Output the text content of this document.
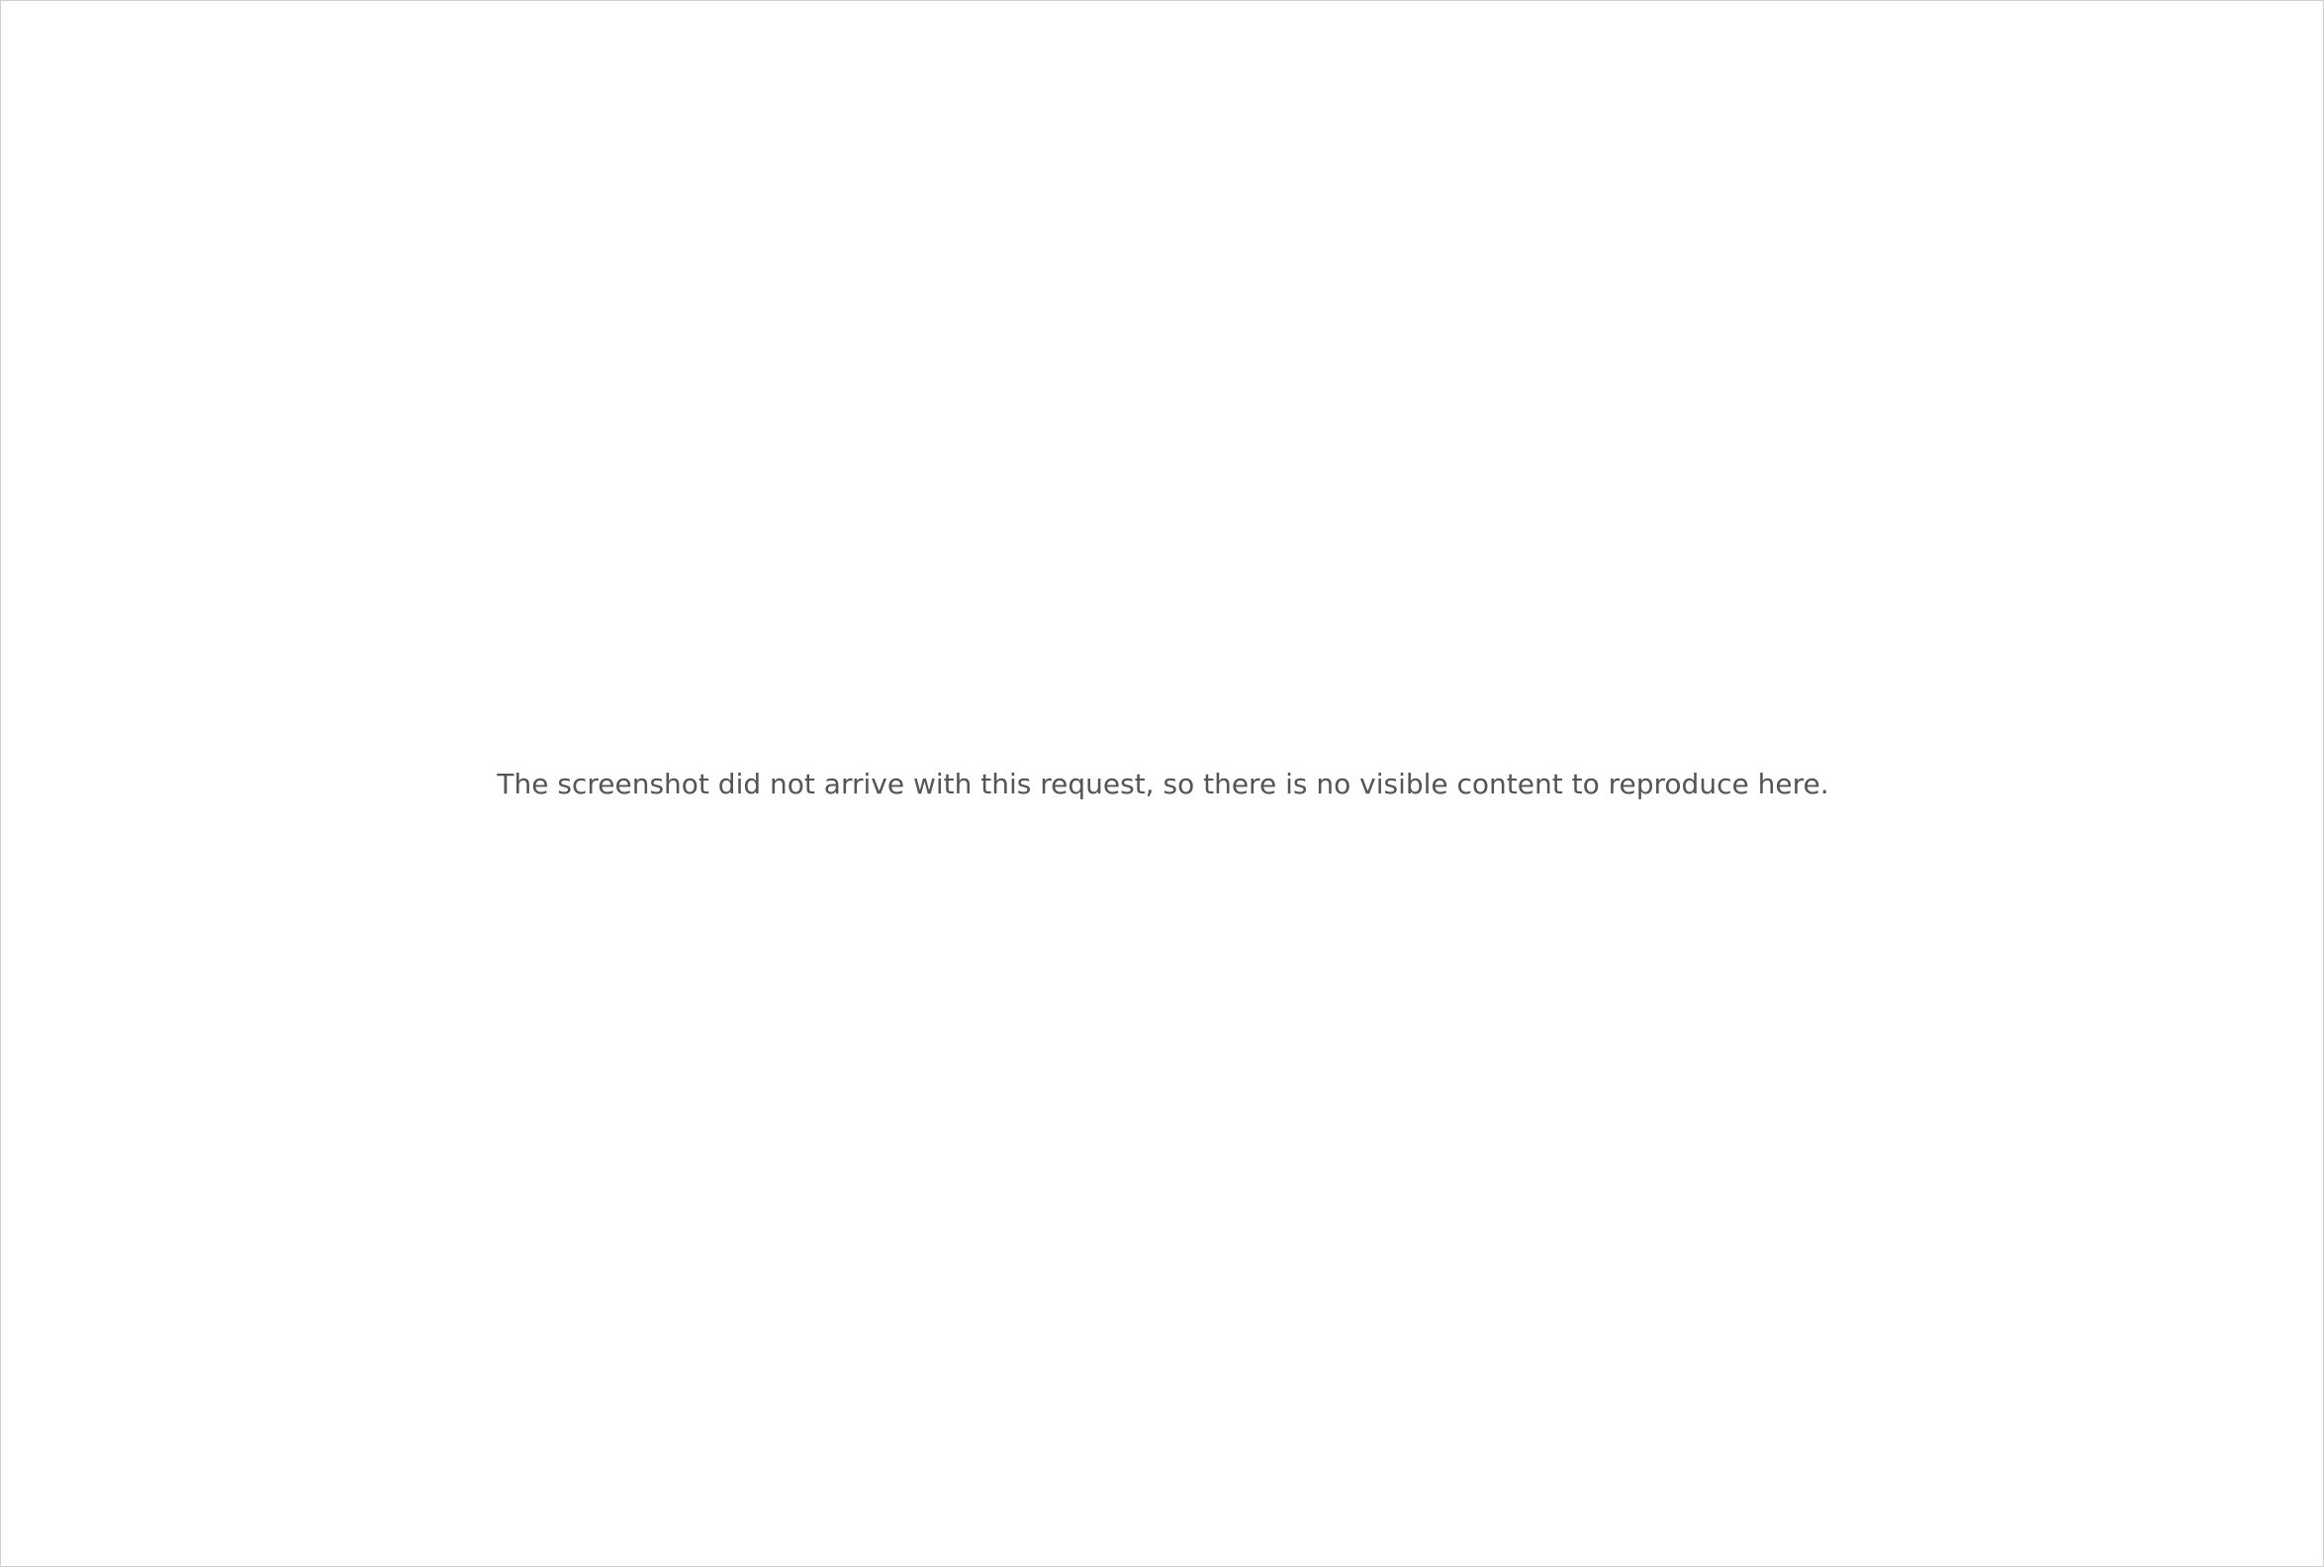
The screenshot did not arrive with this request, so there is no visible content to reproduce here.
